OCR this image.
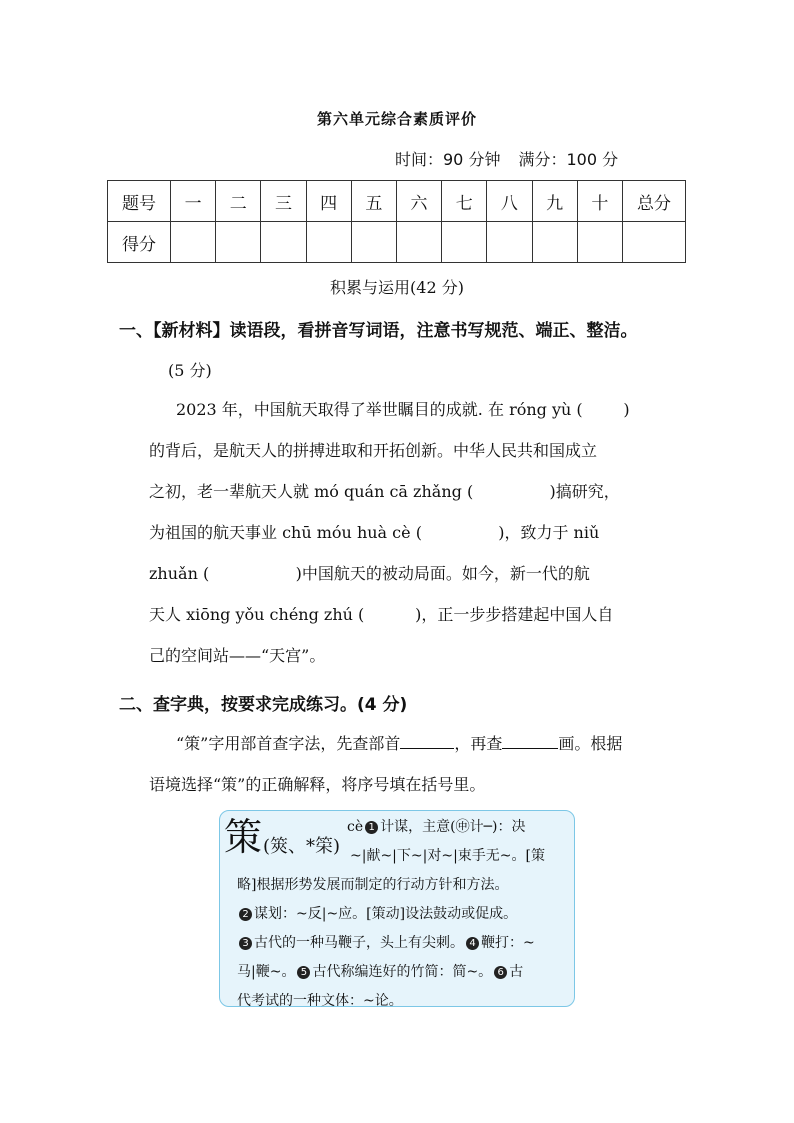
第六单元综合素质评价
时间：90 分钟 满分：100 分
题号	一	二	三	四	五	六	七	八	九	十	总分
得分											
积累与运用(42 分)
一、【新材料】读语段，看拼音写词语，注意书写规范、端正、整洁。
(5 分)
2023 年，中国航天取得了举世瞩目的成就. 在 róng yù (        )
的背后，是航天人的拼搏进取和开拓创新。中华人民共和国成立
之初，老一辈航天人就 mó quán cā zhǎng (               )搞研究，
为祖国的航天事业 chū móu huà cè (               )，致力于 niǔ
zhuǎn (                 )中国航天的被动局面。如今，新一代的航
天人 xiōng yǒu chéng zhú (          )，正一步步搭建起中国人自
己的空间站——“天宫”。
二、查字典，按要求完成练习。(4 分)
“策”字用部首查字法，先查部首	，再查	画。根据
语境选择“策”的正确解释，将序号填在括号里。
策 (筴、*筞)
cè 1 计谋，主意(㊥计─)：决
~|献~|下~|对~|束手无~。[策
略]根据形势发展而制定的行动方针和方法。
2 谋划：~反|~应。[策动]设法鼓动或促成。
3 古代的一种马鞭子，头上有尖刺。 4 鞭打：~
马|鞭~。 5 古代称编连好的竹简：简~。 6 古
代考试的一种文体：~论。
